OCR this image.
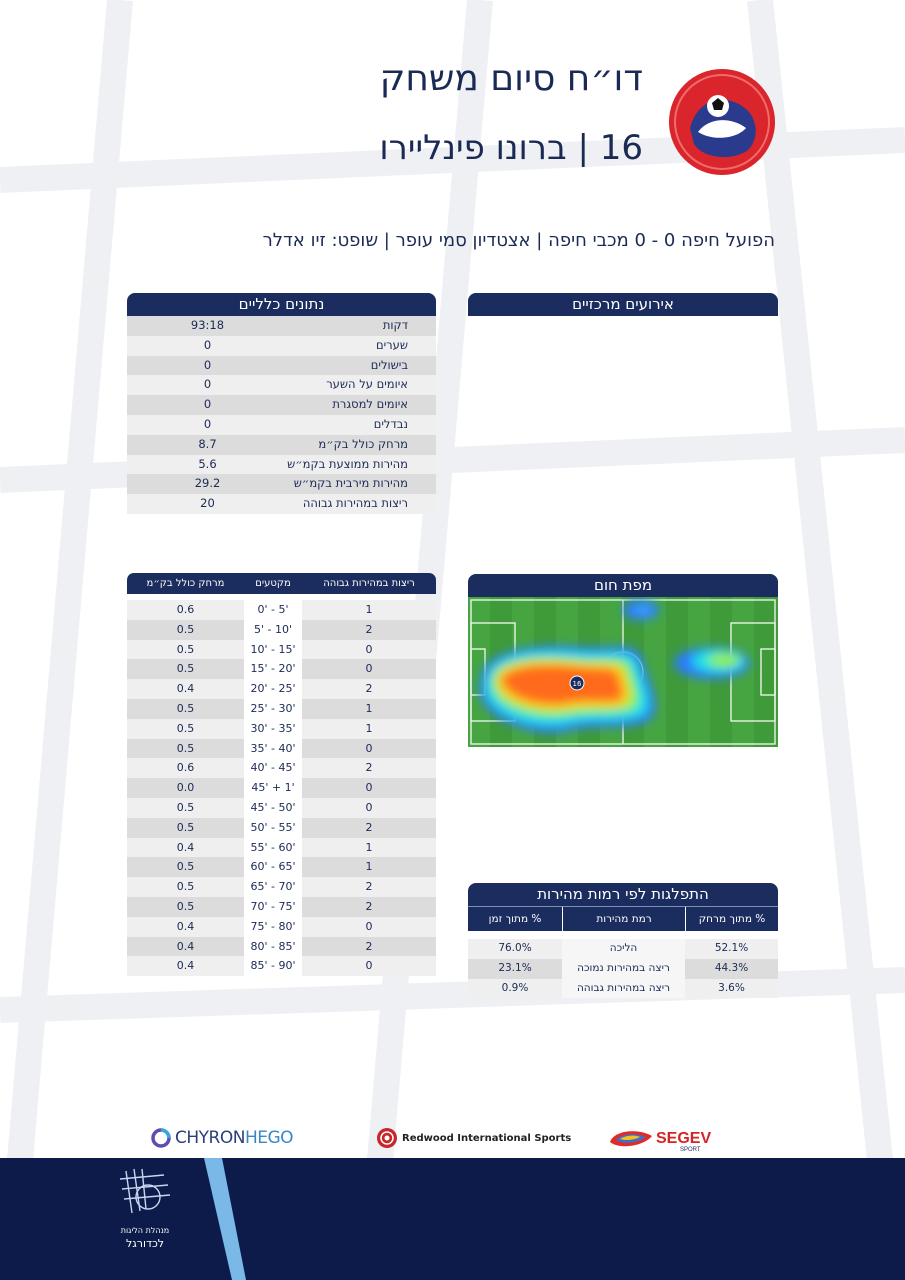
דו״ח סיום משחק
16 | ברונו פינליירו
הפועל חיפה 0 - 0 מכבי חיפה | אצטדיון סמי עופר | שופט: זיו אדלר
נתונים כלליים
דקות
93:18
שערים
0
בישולים
0
איומים על השער
0
איומים למסגרת
0
נבדלים
0
מרחק כולל בק״מ
8.7
מהירות ממוצעת בקמ״ש
5.6
מהירות מירבית בקמ״ש
29.2
ריצות במהירות גבוהה
20
אירועים מרכזיים
ריצות במהירות גבוהה
מקטעים
מרחק כולל בק״מ
1
0' - 5'
0.6
2
5' - 10'
0.5
0
10' - 15'
0.5
0
15' - 20'
0.5
2
20' - 25'
0.4
1
25' - 30'
0.5
1
30' - 35'
0.5
0
35' - 40'
0.5
2
40' - 45'
0.6
0
45' + 1'
0.0
0
45' - 50'
0.5
2
50' - 55'
0.5
1
55' - 60'
0.4
1
60' - 65'
0.5
2
65' - 70'
0.5
2
70' - 75'
0.5
0
75' - 80'
0.4
2
80' - 85'
0.4
0
85' - 90'
0.4
מפת חום
16
התפלגות לפי רמות מהירות
% מתוך מרחק
רמת מהירות
% מתוך זמן
52.1%
הליכה
76.0%
44.3%
ריצה במהירות נמוכה
23.1%
3.6%
ריצה במהירות גבוהה
0.9%
CHYRON HEGO	Redwood International Sports	SEGEV
SPORT
מנהלת הליגות
לכדורגל
